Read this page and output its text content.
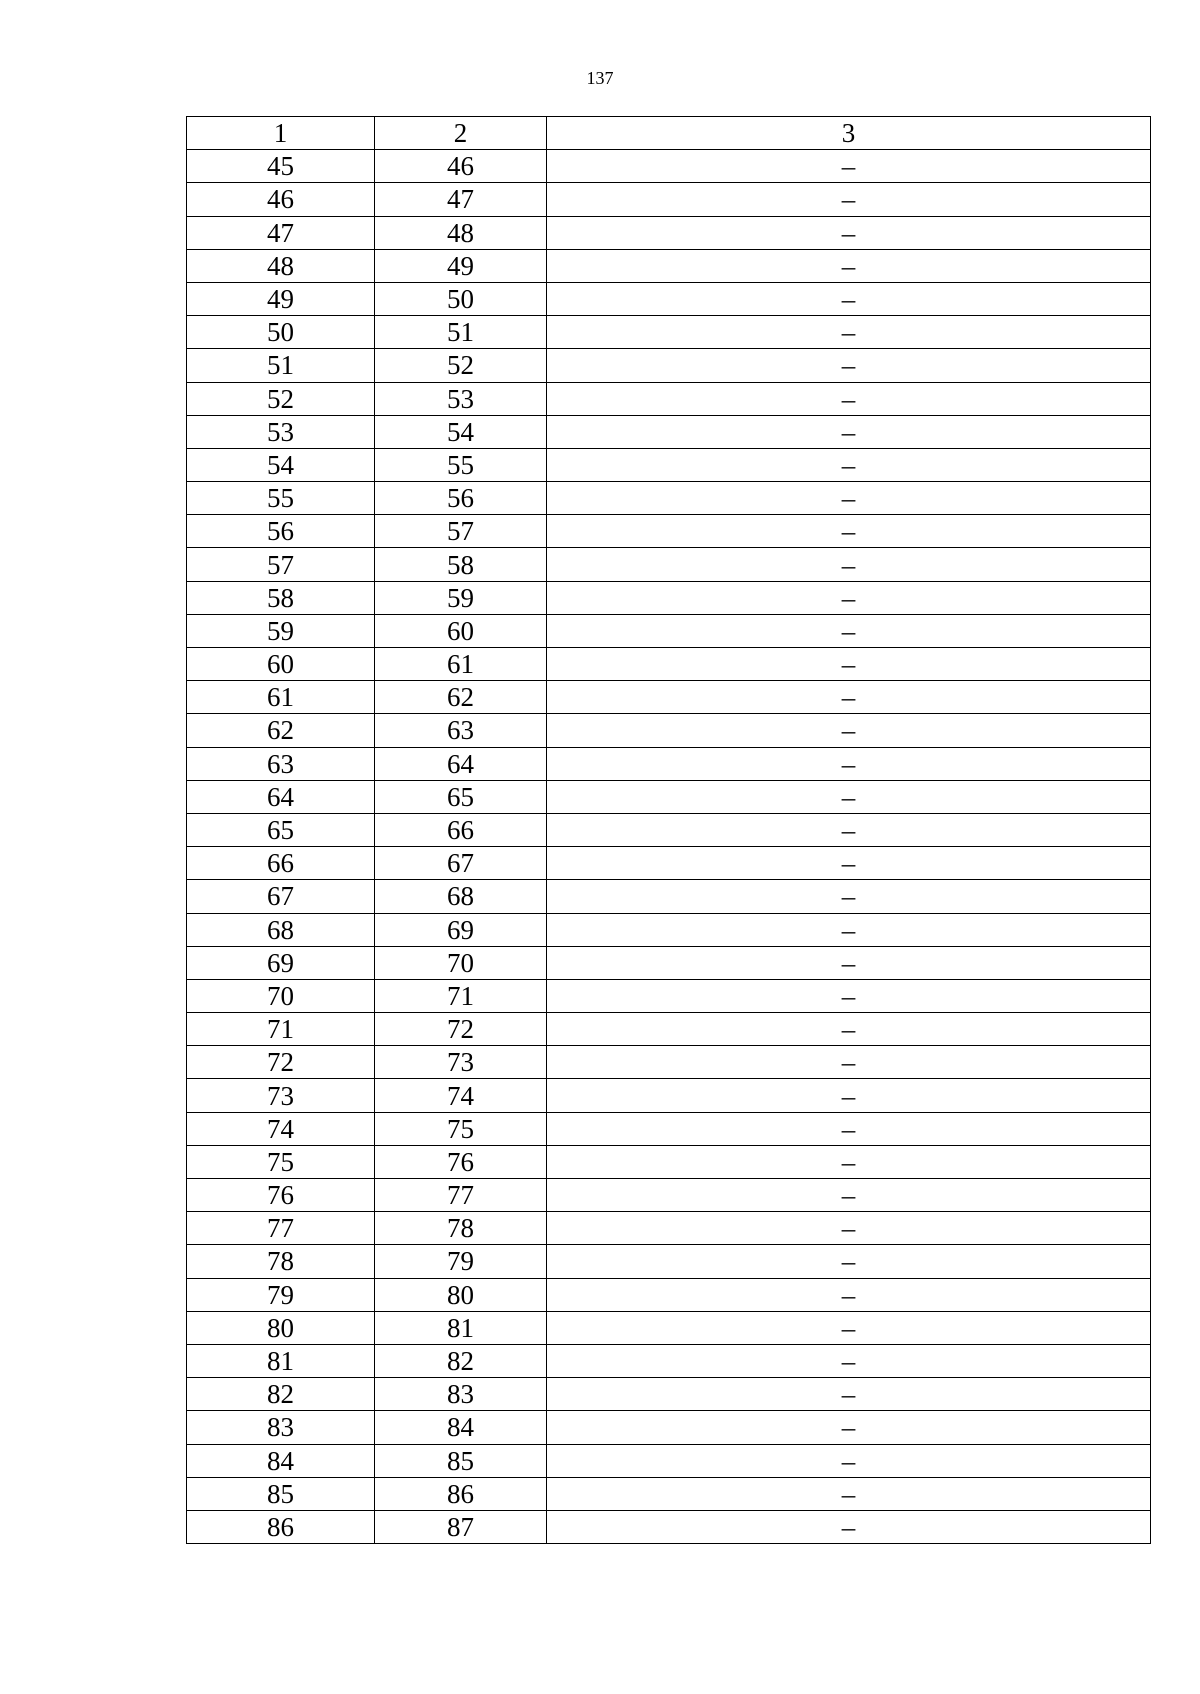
137
1	2	3
45	46	–
46	47	–
47	48	–
48	49	–
49	50	–
50	51	–
51	52	–
52	53	–
53	54	–
54	55	–
55	56	–
56	57	–
57	58	–
58	59	–
59	60	–
60	61	–
61	62	–
62	63	–
63	64	–
64	65	–
65	66	–
66	67	–
67	68	–
68	69	–
69	70	–
70	71	–
71	72	–
72	73	–
73	74	–
74	75	–
75	76	–
76	77	–
77	78	–
78	79	–
79	80	–
80	81	–
81	82	–
82	83	–
83	84	–
84	85	–
85	86	–
86	87	–
